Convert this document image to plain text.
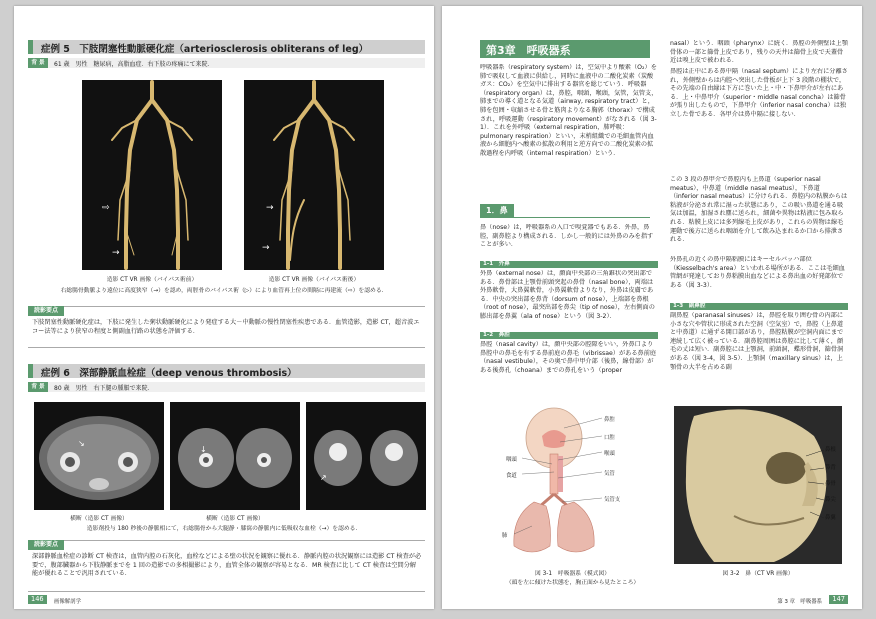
症例 5　下肢閉塞性動脈硬化症（arteriosclerosis obliterans of leg）
背 景	61 歳　男性　糖尿病，高脂血症．右下肢の疼痛にて来院．
⇨
→
→
→
造影 CT VR 画像（バイパス術前）	造影 CT VR 画像（バイパス術後）
右総腸骨動脈より遠位に高度狭窄（→）を認め，両脛骨のバイパス術（▷）により血管再上位の間隔に再建流（⇨）を認める．
読影要点
下肢閉塞性動脈硬化症は，下肢に発生した粥状動脈硬化により発症する大－中動脈の慢性閉塞性疾患である．血管造影，造影 CT，超音波エコー法等により狭窄の程度と側副血行路の状態を評価する．
症例 6　深部静脈血栓症（deep venous thrombosis）
背 景	80 歳　男性　右下腿の腫脹で来院．
↘
↓
↗
横断（造影 CT 画像）	横断（造影 CT 画像）
造影剤投与 180 秒後の静脈相にて，右総腸骨から大腿静・膝窩の静脈内に低吸収な血栓（→）を認める．
読影要点
深部静脈血栓症の診断 CT 検査は，血管内腔の石灰化，血栓などによる壁の状況を観察に優れる．静脈内腔の状況観察には造影 CT 検査が必要で，腹部臓器から下肢静脈までを 1 回の造影での多相撮影により，血管全体の観察が容易となる．MR 検査に比して CT 検査は空間分解能が優れることで汎用されている．
146	画像解剖学
第3章　呼吸器系
呼吸器系（respiratory system）は，空気中より酸素（O₂）を肺で吸収して血液に供給し，同時に血液中の二酸化炭素（炭酸ガス：CO₂）を空気中に排出する器官を総じていう．呼吸器（respiratory organ）は，鼻腔，咽頭，喉頭，気管，気管支，肺までの導く道となる気道（airway, respiratory tract）と，肺を包囲・収縮させる骨と筋肉よりなる胸郭（thorax）で構成され，呼吸運動（respiratory movement）がなされる（図 3-1）．これを外呼吸（external respiration，肺呼吸：pulmonary respiration）といい，末梢組織での毛細血管内血液から細胞内へ酸素の拡散の利用と逆方向での二酸化炭素の拡散過程を内呼吸（internal respiration）という．
1．鼻
鼻（nose）は，呼吸器系の入口で嗅覚器でもある．外鼻，鼻腔，副鼻腔より構成される．しかし一般的には外鼻のみを指すことが多い．
1-1　外鼻
外鼻（external nose）は，顔面中央部の三角錐状の突出部である．鼻骨部は上顎骨前頭突起の鼻骨（nasal bone），両端は外鼻軟骨，大鼻翼軟骨，小鼻翼軟骨よりなり，外鼻は皮膚である．中央の突出部を鼻背（dorsum of nose），上端部を鼻根（root of nose），最突出部を鼻尖（tip of nose），左右側面の膨出部を鼻翼（ala of nose）という（図 3-2）．
1-2　鼻腔
鼻腔（nasal cavity）は，顔中央部の腔隙をいい，外鼻口より鼻腔中の鼻毛を有する鼻前庭の鼻毛（vibrissae）がある鼻前庭（nasal vestibule），その奥で鼻中甲介部（後鼻，線骨部）がある後鼻孔（choana）までの鼻孔をいう（proper
鼻腔
口腔
喉頭
咽頭
食道	気管
気管支
肺
図 3-1　呼吸器系（模式図）
（頭を左に傾けた状態を，胸正面から見たところ）
nasal）という．咽頭（pharynx）に続く．鼻腔の外側壁は上顎骨体の一部と篩骨上皮であり，残りの天井は篩骨上皮で天蓋骨近は嗅上皮で被われる．
鼻腔は正中にある鼻中隔（nasal septum）により左右に分離され，外側壁からは内腔へ突出した骨板が上下 3 段階の棚状で，その先端の自由縁は下方に巻いた上・中・下鼻甲介が左右にある．上・中鼻甲介（superior・middle nasal concha）は篩骨が張り出したもので，下鼻甲介（inferior nasal concha）は独立した骨である．各甲介は鼻中隔に接しない．
この 3 段の鼻甲介で鼻腔内も上鼻道（superior nasal meatus），中鼻道（middle nasal meatus），下鼻道（inferior nasal meatus）に分けられる．鼻腔内の粘膜からは粘液が分泌され常に湿った状態にあり，この吸い鼻道を通る吸気は加温，加湿され塵に送られ，細菌や異物は粘液に包み取られる．粘膜上皮には多列線毛上皮があり，これらの異物は線毛運動で後方に送られ咽頭を介して飲み込まれるか口から排泄される．
外鼻孔の近くの鼻中隔粘膜にはキーセルバッハ部位（Kiesselbach's area）といわれる場所がある．ここは毛細血管網が発達しており鼻粘膜出血などによる鼻出血の好発部位である（図 3-3）．
1-3　副鼻腔
副鼻腔（paranasal sinuses）は，鼻腔を取り囲む骨の内部に小さな穴や管状に形成された空洞（空気室）で，鼻腔（上鼻道と中鼻道）に通ずる開口部があり，鼻腔粘膜が空洞内面にまで連続して広く被っている．副鼻腔周囲は鼻腔に比して薄く，顔毛の丈は短い．副鼻腔には上顎洞，前頭洞，蝶形骨洞，篩骨洞がある（図 3-4，図 3-5）．上顎洞（maxillary sinus）は，上顎骨の大半を占める副
鼻根
鼻背
鼻骨
鼻尖
鼻翼
図 3-2　鼻（CT VR 画像）
第 3 章　呼吸器系	147
